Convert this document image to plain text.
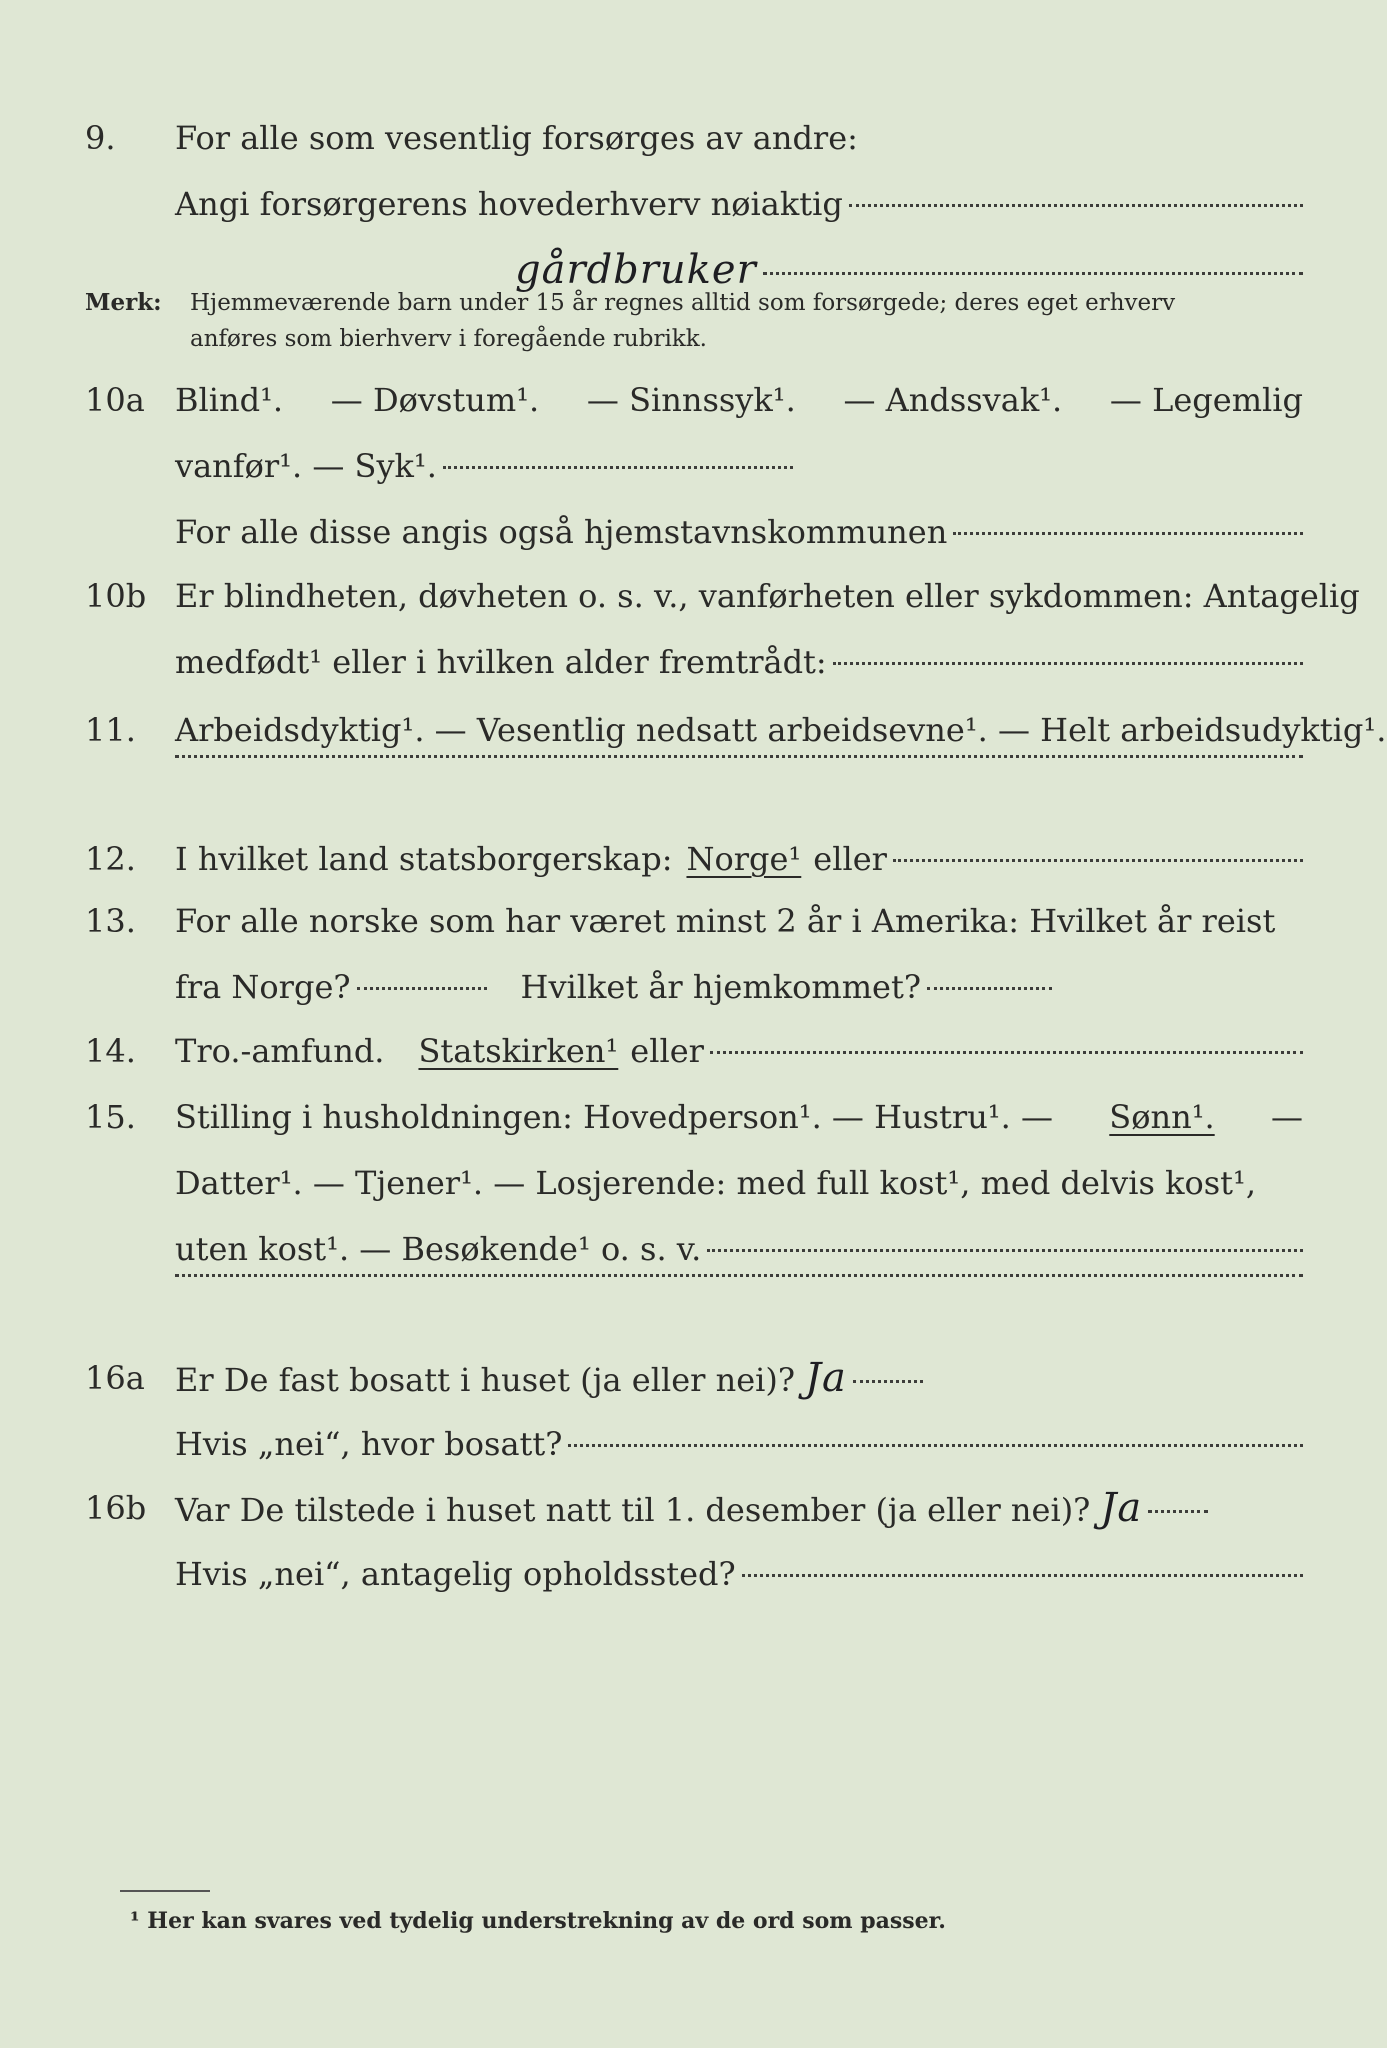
9.	For alle som vesentlig forsørges av andre:
Angi forsørgerens hovederhverv nøiaktig
gårdbruker
Merk: Hjemmeværende barn under 15 år regnes alltid som forsørgede; deres eget erhverv
anføres som bierhverv i foregående rubrikk.
10a Blind¹. — Døvstum¹. — Sinnssyk¹. — Andssvak¹. — Legemlig
vanfør¹. — Syk¹.
For alle disse angis også hjemstavnskommunen
10b Er blindheten, døvheten o. s. v., vanførheten eller sykdommen: Antagelig
medfødt¹ eller i hvilken alder fremtrådt:
11.	Arbeidsdyktig¹. — Vesentlig nedsatt arbeidsevne¹. — Helt arbeidsudyktig¹.
12.	I hvilket land statsborgerskap: Norge¹ eller
13.	For alle norske som har været minst 2 år i Amerika: Hvilket år reist
fra Norge?	Hvilket år hjemkommet?
14.	Tro.-amfund. Statskirken¹ eller
15.	Stilling i husholdningen: Hovedperson¹. — Hustru¹. — Sønn¹. —
Datter¹. — Tjener¹. — Losjerende: med full kost¹, med delvis kost¹,
uten kost¹. — Besøkende¹ o. s. v.
16a Er De fast bosatt i huset (ja eller nei)? Ja
Hvis „nei“, hvor bosatt?
16b Var De tilstede i huset natt til 1. desember (ja eller nei)? Ja
Hvis „nei“, antagelig opholdssted?
¹ Her kan svares ved tydelig understrekning av de ord som passer.
